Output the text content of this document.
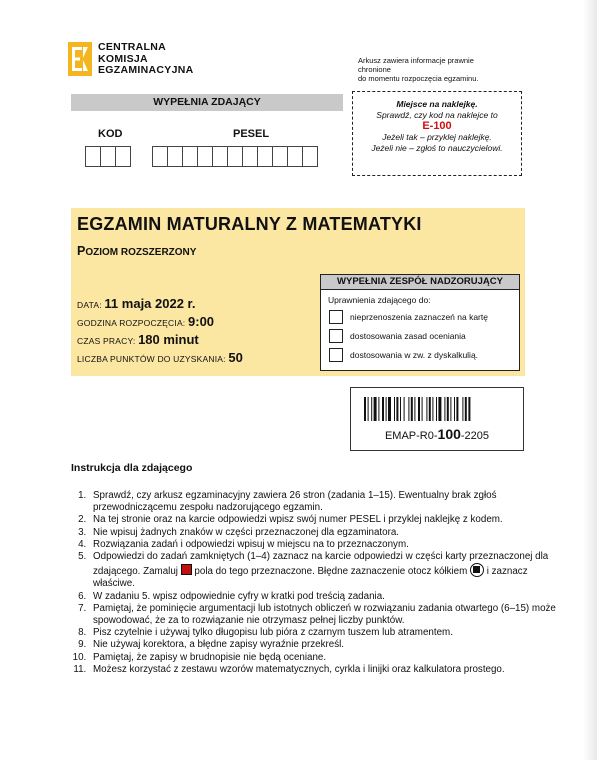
CENTRALNA
KOMISJA
EGZAMINACYJNA
Arkusz zawiera informacje prawnie chronione
do momentu rozpoczęcia egzaminu.
WYPEŁNIA ZDAJĄCY
KOD	PESEL
Miejsce na naklejkę.
Sprawdź, czy kod na naklejce to
E-100
Jeżeli tak – przyklej naklejkę.
Jeżeli nie – zgłoś to nauczycielowi.
EGZAMIN MATURALNY Z MATEMATYKI
POZIOM ROZSZERZONY
DATA: 11 maja 2022 r.
GODZINA ROZPOCZĘCIA: 9:00
CZAS PRACY: 180 minut
LICZBA PUNKTÓW DO UZYSKANIA: 50
WYPEŁNIA ZESPÓŁ NADZORUJĄCY
Uprawnienia zdającego do:
nieprzenoszenia zaznaczeń na kartę
dostosowania zasad oceniania
dostosowania w zw. z dyskalkulią.
EMAP-R0-100-2205
Instrukcja dla zdającego
1. Sprawdź, czy arkusz egzaminacyjny zawiera 26 stron (zadania 1–15). Ewentualny brak zgłoś przewodniczącemu zespołu nadzorującego egzamin.
2. Na tej stronie oraz na karcie odpowiedzi wpisz swój numer PESEL i przyklej naklejkę z kodem.
3. Nie wpisuj żadnych znaków w części przeznaczonej dla egzaminatora.
4. Rozwiązania zadań i odpowiedzi wpisuj w miejscu na to przeznaczonym.
5. Odpowiedzi do zadań zamkniętych (1–4) zaznacz na karcie odpowiedzi w części karty przeznaczonej dla zdającego. Zamaluj pola do tego przeznaczone. Błędne zaznaczenie otocz kółkiem i zaznacz właściwe.
6. W zadaniu 5. wpisz odpowiednie cyfry w kratki pod treścią zadania.
7. Pamiętaj, że pominięcie argumentacji lub istotnych obliczeń w rozwiązaniu zadania otwartego (6–15) może spowodować, że za to rozwiązanie nie otrzymasz pełnej liczby punktów.
8. Pisz czytelnie i używaj tylko długopisu lub pióra z czarnym tuszem lub atramentem.
9. Nie używaj korektora, a błędne zapisy wyraźnie przekreśl.
10. Pamiętaj, że zapisy w brudnopisie nie będą oceniane.
11. Możesz korzystać z zestawu wzorów matematycznych, cyrkla i linijki oraz kalkulatora prostego.
